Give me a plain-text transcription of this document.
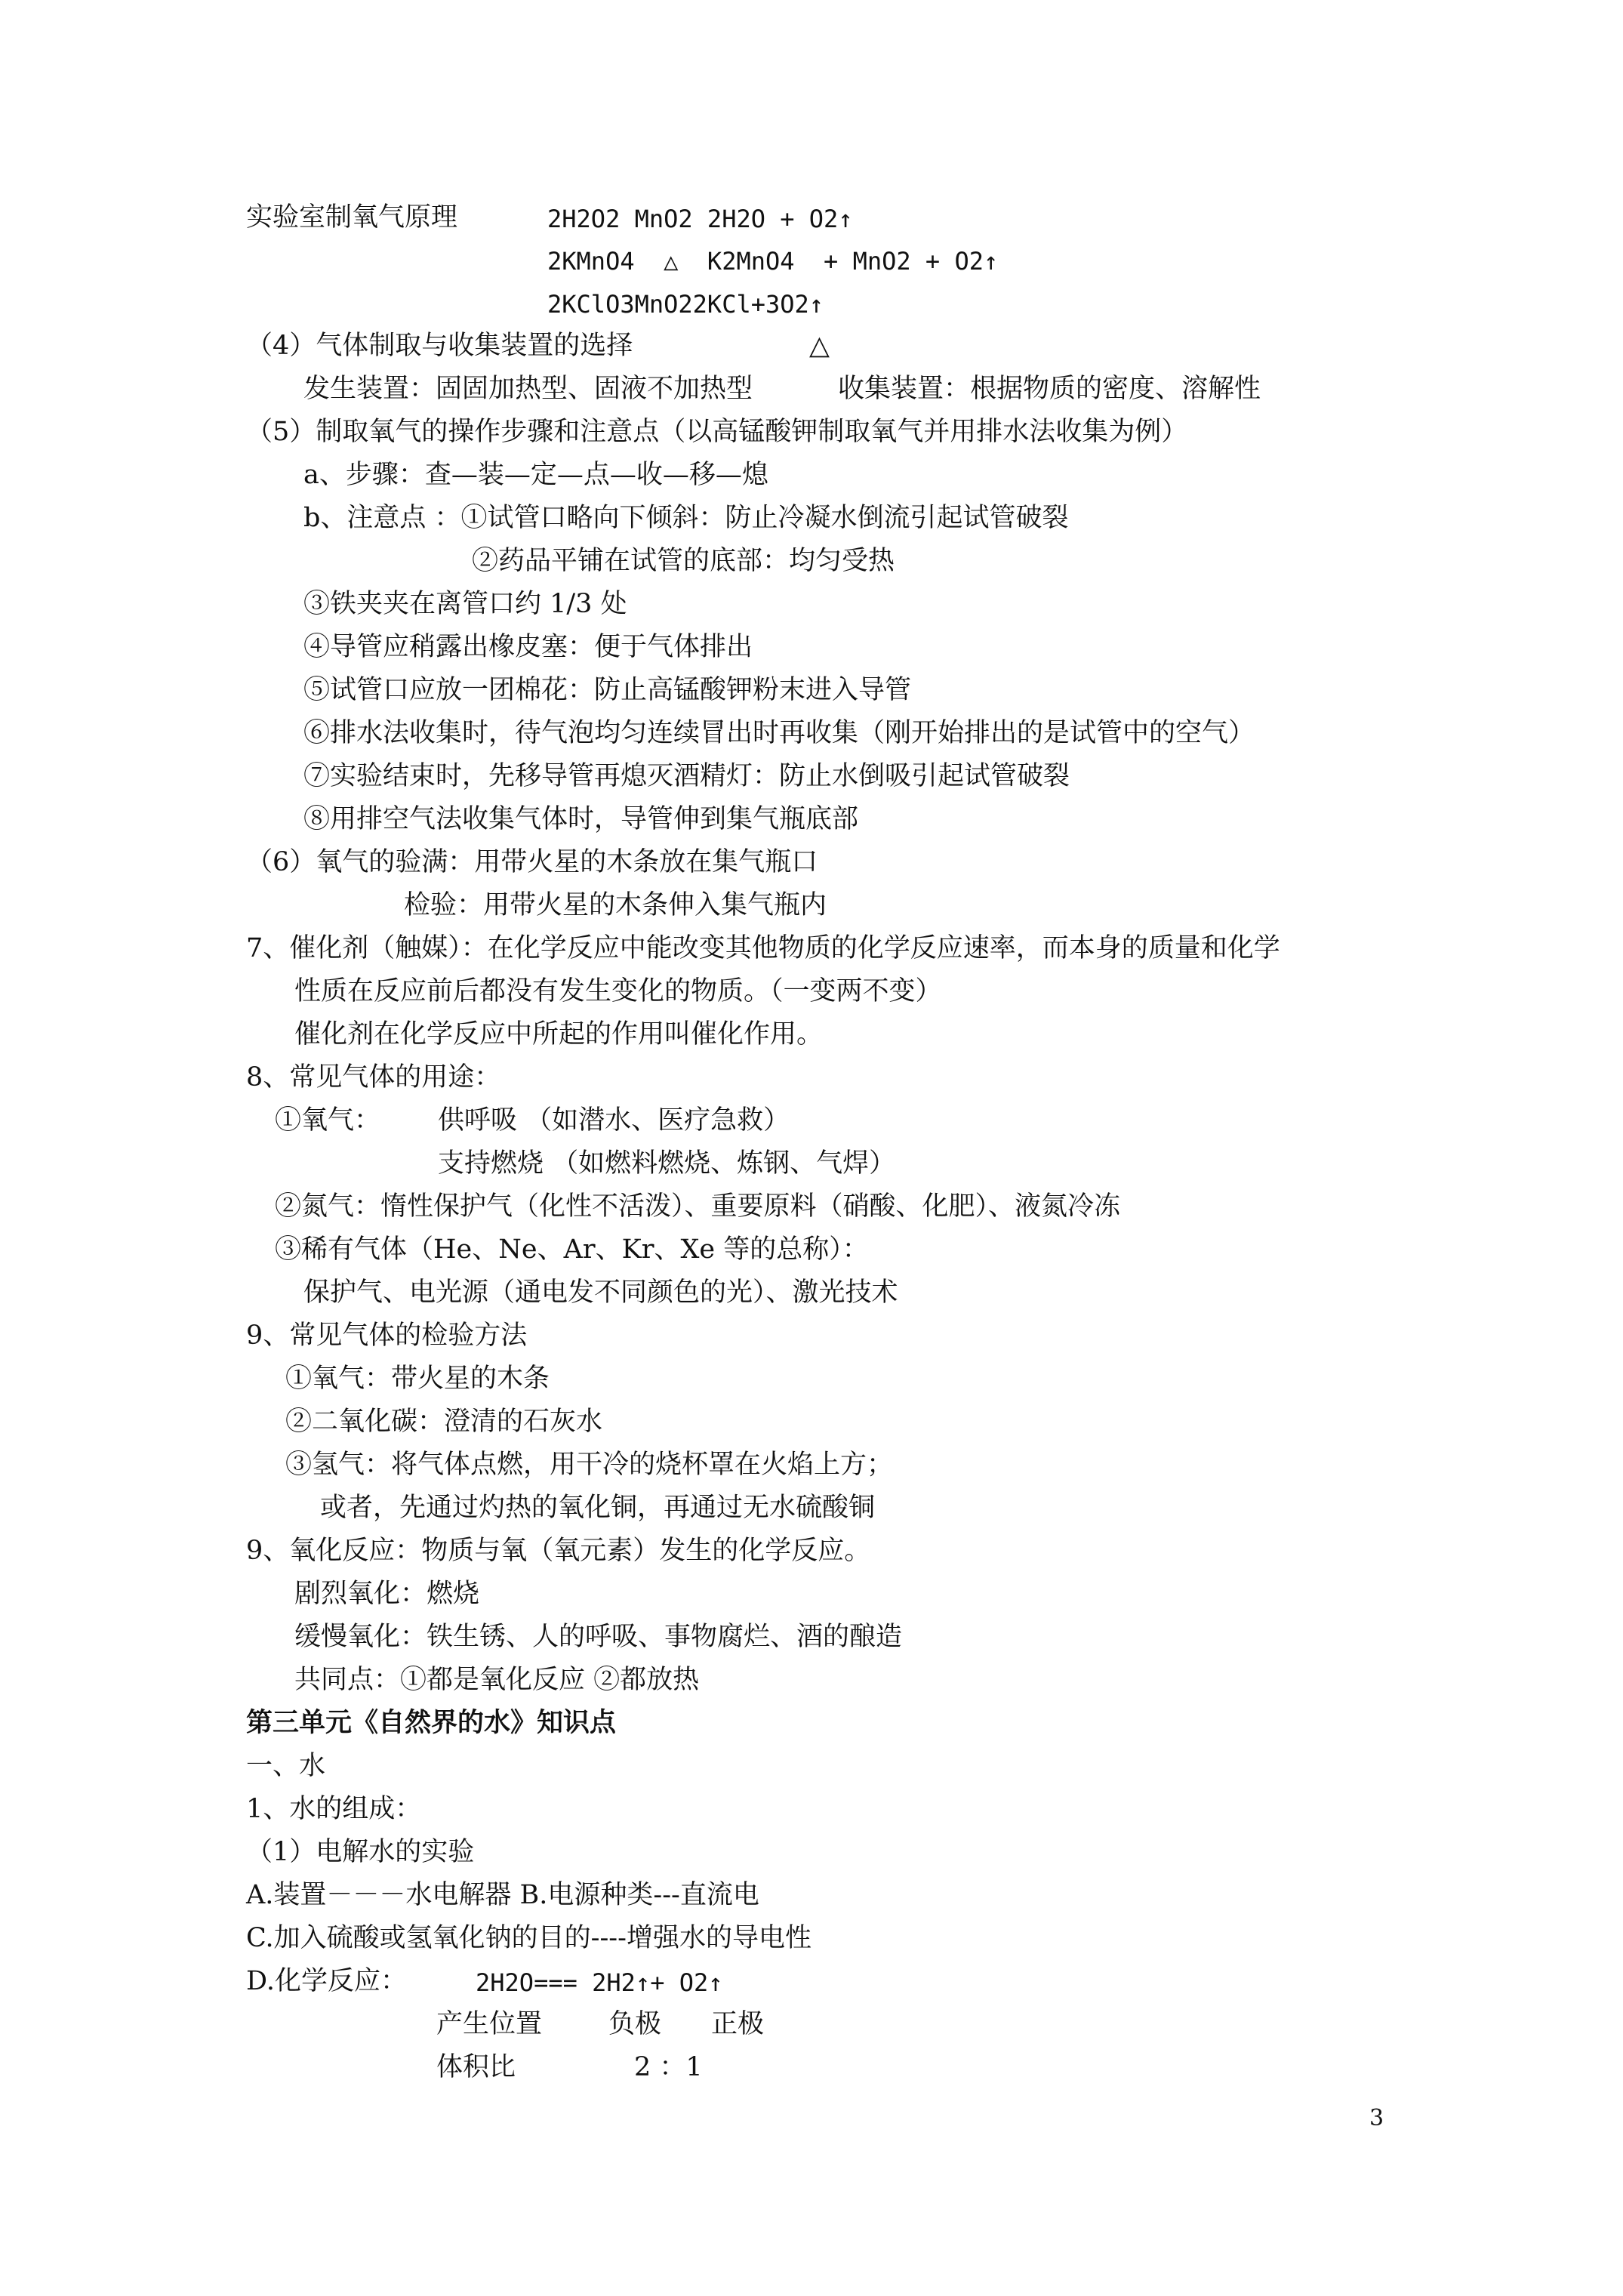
实验室制氧气原理	2H2O2 MnO2 2H2O + O2↑
2KMnO4  △  K2MnO4  + MnO2 + O2↑
2KClO3MnO22KCl+3O2↑
（4）气体制取与收集装置的选择	△
发生装置：固固加热型、固液不加热型	收集装置：根据物质的密度、溶解性
（5）制取氧气的操作步骤和注意点（以高锰酸钾制取氧气并用排水法收集为例）
a、步骤：查—装—定—点—收—移—熄
b、注意点 ：①试管口略向下倾斜：防止冷凝水倒流引起试管破裂
②药品平铺在试管的底部：均匀受热
③铁夹夹在离管口约 1/3 处
④导管应稍露出橡皮塞：便于气体排出
⑤试管口应放一团棉花：防止高锰酸钾粉末进入导管
⑥排水法收集时，待气泡均匀连续冒出时再收集（刚开始排出的是试管中的空气）
⑦实验结束时，先移导管再熄灭酒精灯：防止水倒吸引起试管破裂
⑧用排空气法收集气体时，导管伸到集气瓶底部
（6）氧气的验满：用带火星的木条放在集气瓶口
检验：用带火星的木条伸入集气瓶内
7、催化剂（触媒）：在化学反应中能改变其他物质的化学反应速率，而本身的质量和化学
性质在反应前后都没有发生变化的物质。（一变两不变）
催化剂在化学反应中所起的作用叫催化作用。
8、常见气体的用途：
①氧气： 供呼吸 （如潜水、医疗急救）
支持燃烧 （如燃料燃烧、炼钢、气焊）
②氮气：惰性保护气（化性不活泼）、重要原料（硝酸、化肥）、液氮冷冻
③稀有气体（He、Ne、Ar、Kr、Xe 等的总称）：
保护气、电光源（通电发不同颜色的光）、激光技术
9、常见气体的检验方法
①氧气：带火星的木条
②二氧化碳：澄清的石灰水
③氢气：将气体点燃，用干冷的烧杯罩在火焰上方；
或者，先通过灼热的氧化铜，再通过无水硫酸铜
9、氧化反应：物质与氧（氧元素）发生的化学反应。
剧烈氧化：燃烧
缓慢氧化：铁生锈、人的呼吸、事物腐烂、酒的酿造
共同点：①都是氧化反应 ②都放热
第三单元《自然界的水》知识点
一、水
1、水的组成：
（1）电解水的实验
A.装置－－－水电解器 B.电源种类---直流电
C.加入硫酸或氢氧化钠的目的----增强水的导电性
D.化学反应：	2H2O=== 2H2↑+ O2↑
产生位置	负极 正极
体积比	2 ：1
3
